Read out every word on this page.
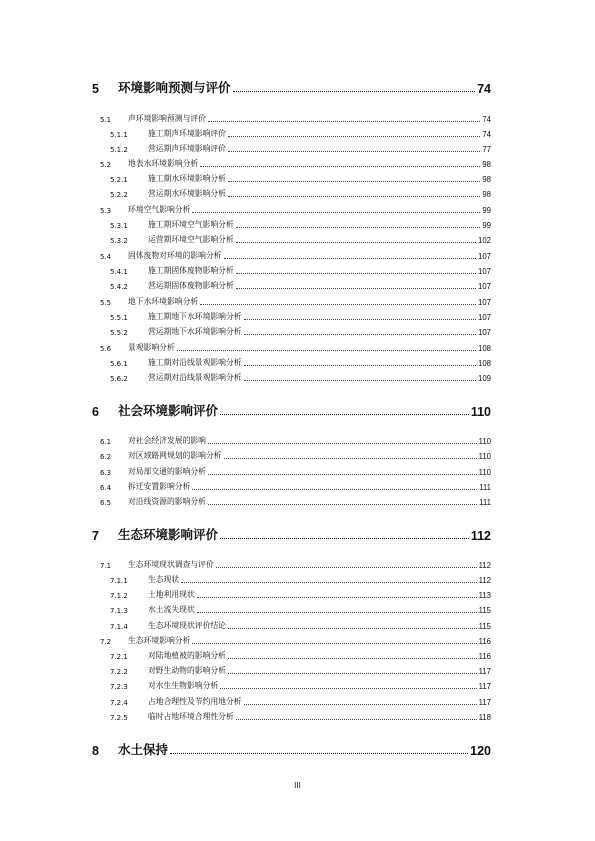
5	环境影响预测与评价	74
5.1	声环境影响预测与评价	74
5.1.1	施工期声环境影响评价	74
5.1.2	营运期声环境影响评价	77
5.2	地表水环境影响分析	98
5.2.1	施工期水环境影响分析	98
5.2.2	营运期水环境影响分析	98
5.3	环境空气影响分析	99
5.3.1	施工期环境空气影响分析	99
5.3.2	运营期环境空气影响分析	102
5.4	固体废物对环境的影响分析	107
5.4.1	施工期固体废物影响分析	107
5.4.2	营运期固体废物影响分析	107
5.5	地下水环境影响分析	107
5.5.1	施工期地下水环境影响分析	107
5.5.2	营运期地下水环境影响分析	107
5.6	景观影响分析	108
5.6.1	施工期对沿线景观影响分析	108
5.6.2	营运期对沿线景观影响分析	109
6	社会环境影响评价	110
6.1	对社会经济发展的影响	110
6.2	对区域路网规划的影响分析	110
6.3	对局部交通的影响分析	110
6.4	拆迁安置影响分析	111
6.5	对沿线资源的影响分析	111
7	生态环境影响评价	112
7.1	生态环境现状调查与评价	112
7.1.1	生态现状	112
7.1.2	土地利用现状	113
7.1.3	水土流失现状	115
7.1.4	生态环境现状评价结论	115
7.2	生态环境影响分析	116
7.2.1	对陆地植被的影响分析	116
7.2.2	对野生动物的影响分析	117
7.2.3	对水生生物影响分析	117
7.2.4	占地合理性及节约用地分析	117
7.2.5	临时占地环境合理性分析	118
8	水土保持	120
III
